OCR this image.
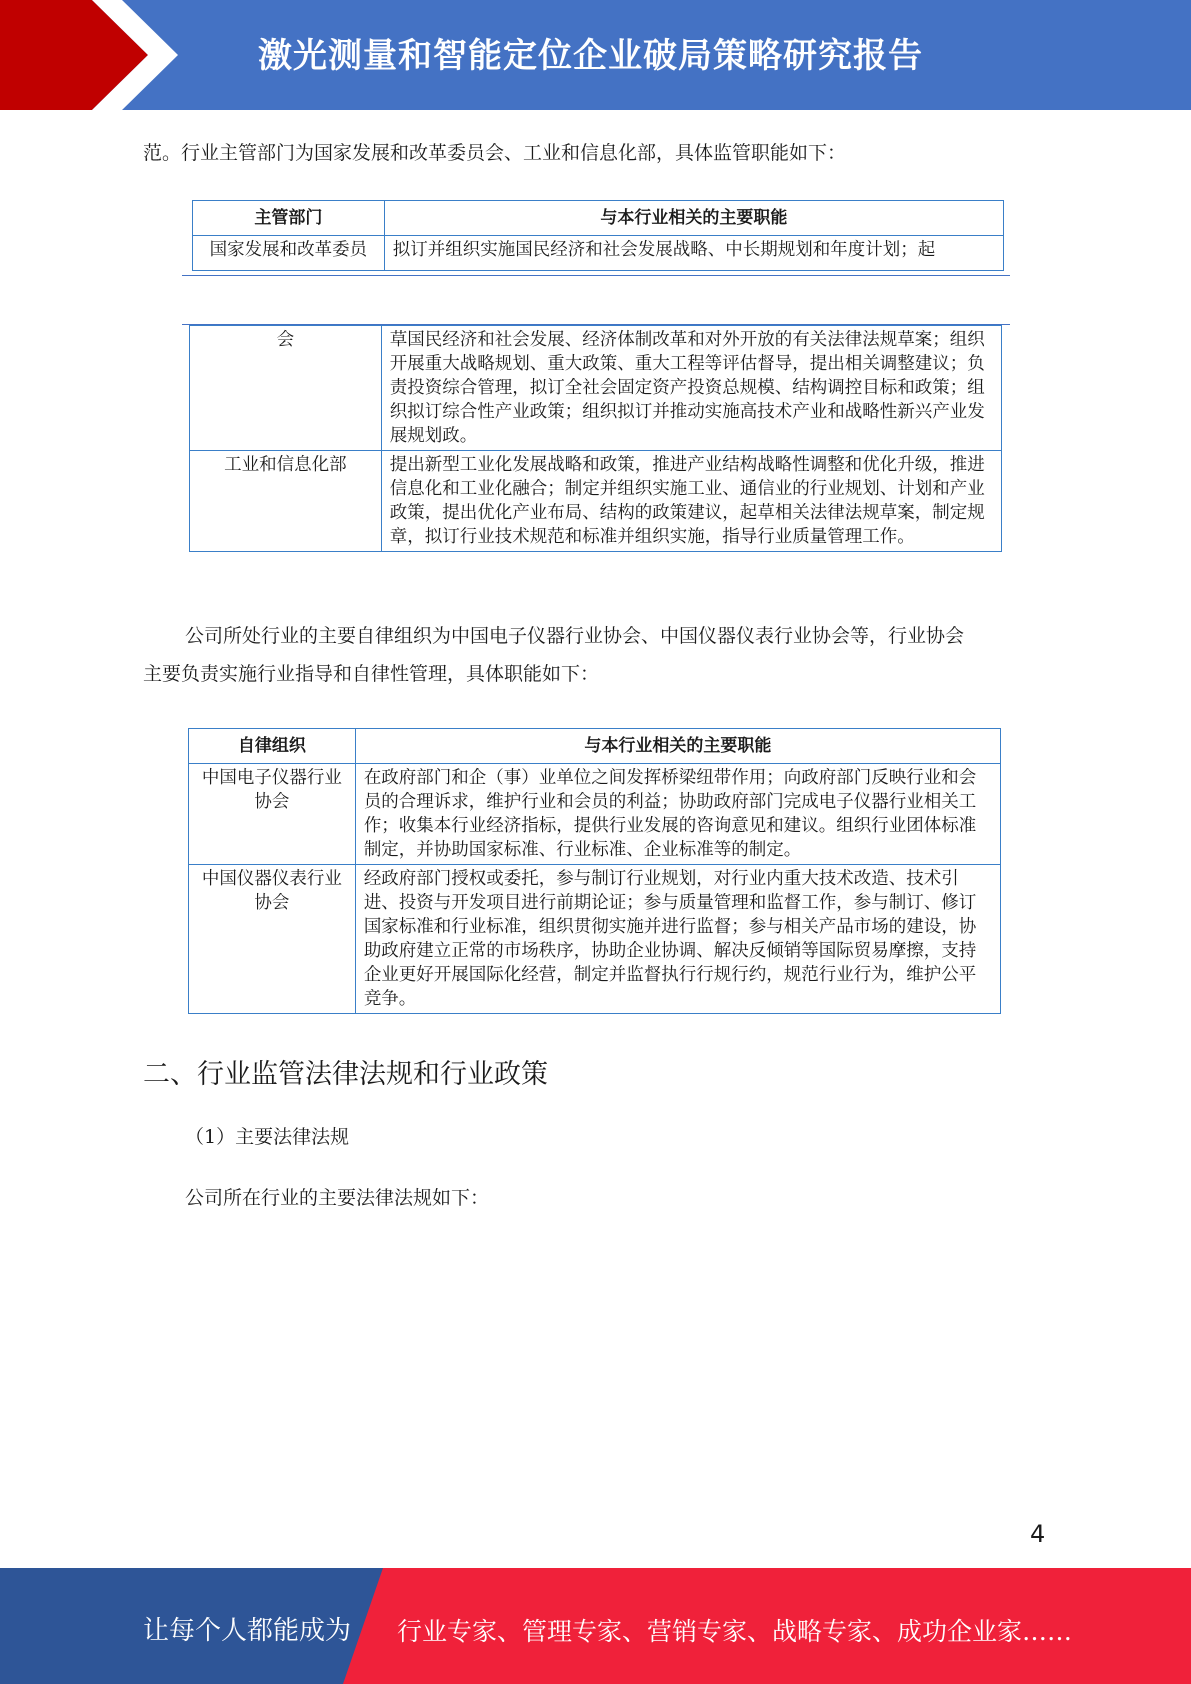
激光测量和智能定位企业破局策略研究报告
范。行业主管部门为国家发展和改革委员会、工业和信息化部，具体监管职能如下：
主管部门	与本行业相关的主要职能
国家发展和改革委员	拟订并组织实施国民经济和社会发展战略、中长期规划和年度计划；起
会	草国民经济和社会发展、经济体制改革和对外开放的有关法律法规草案；组织开展重大战略规划、重大政策、重大工程等评估督导，提出相关调整建议；负责投资综合管理，拟订全社会固定资产投资总规模、结构调控目标和政策；组织拟订综合性产业政策；组织拟订并推动实施高技术产业和战略性新兴产业发展规划政。
工业和信息化部	提出新型工业化发展战略和政策，推进产业结构战略性调整和优化升级，推进信息化和工业化融合；制定并组织实施工业、通信业的行业规划、计划和产业政策，提出优化产业布局、结构的政策建议，起草相关法律法规草案，制定规章，拟订行业技术规范和标准并组织实施，指导行业质量管理工作。
公司所处行业的主要自律组织为中国电子仪器行业协会、中国仪器仪表行业协会等，行业协会
主要负责实施行业指导和自律性管理，具体职能如下：
自律组织	与本行业相关的主要职能
中国电子仪器行业协会	在政府部门和企（事）业单位之间发挥桥梁纽带作用；向政府部门反映行业和会员的合理诉求，维护行业和会员的利益；协助政府部门完成电子仪器行业相关工作；收集本行业经济指标，提供行业发展的咨询意见和建议。组织行业团体标准制定，并协助国家标准、行业标准、企业标准等的制定。
中国仪器仪表行业协会	经政府部门授权或委托，参与制订行业规划，对行业内重大技术改造、技术引进、投资与开发项目进行前期论证；参与质量管理和监督工作，参与制订、修订国家标准和行业标准，组织贯彻实施并进行监督；参与相关产品市场的建设，协助政府建立正常的市场秩序，协助企业协调、解决反倾销等国际贸易摩擦，支持企业更好开展国际化经营，制定并监督执行行规行约，规范行业行为，维护公平竞争。
二、行业监管法律法规和行业政策
（1）主要法律法规
公司所在行业的主要法律法规如下：
4
让每个人都能成为 行业专家、管理专家、营销专家、战略专家、成功企业家……
